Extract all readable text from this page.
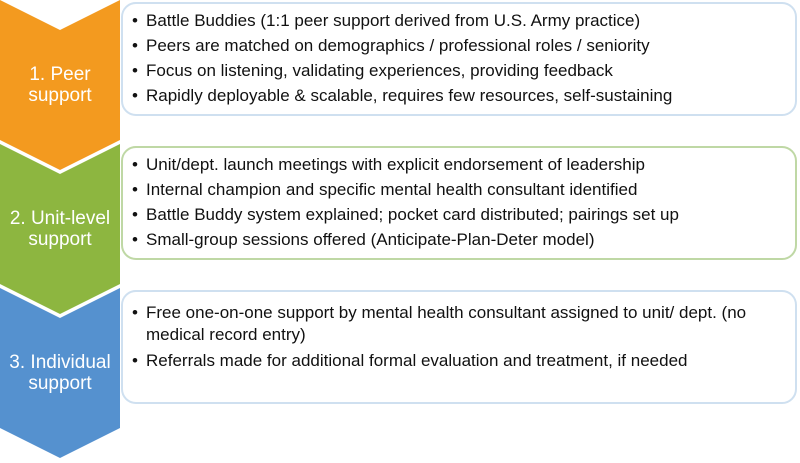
1. Peer
support
• Battle Buddies (1:1 peer support derived from U.S. Army practice)
• Peers are matched on demographics / professional roles / seniority
• Focus on listening, validating experiences, providing feedback
• Rapidly deployable & scalable, requires few resources, self-sustaining
2. Unit-level
support
• Unit/dept. launch meetings with explicit endorsement of leadership
• Internal champion and specific mental health consultant identified
• Battle Buddy system explained; pocket card distributed; pairings set up
• Small-group sessions offered (Anticipate-Plan-Deter model)
3. Individual
support
• Free one-on-one support by mental health consultant assigned to unit/ dept. (no medical record entry)
• Referrals made for additional formal evaluation and treatment, if needed
